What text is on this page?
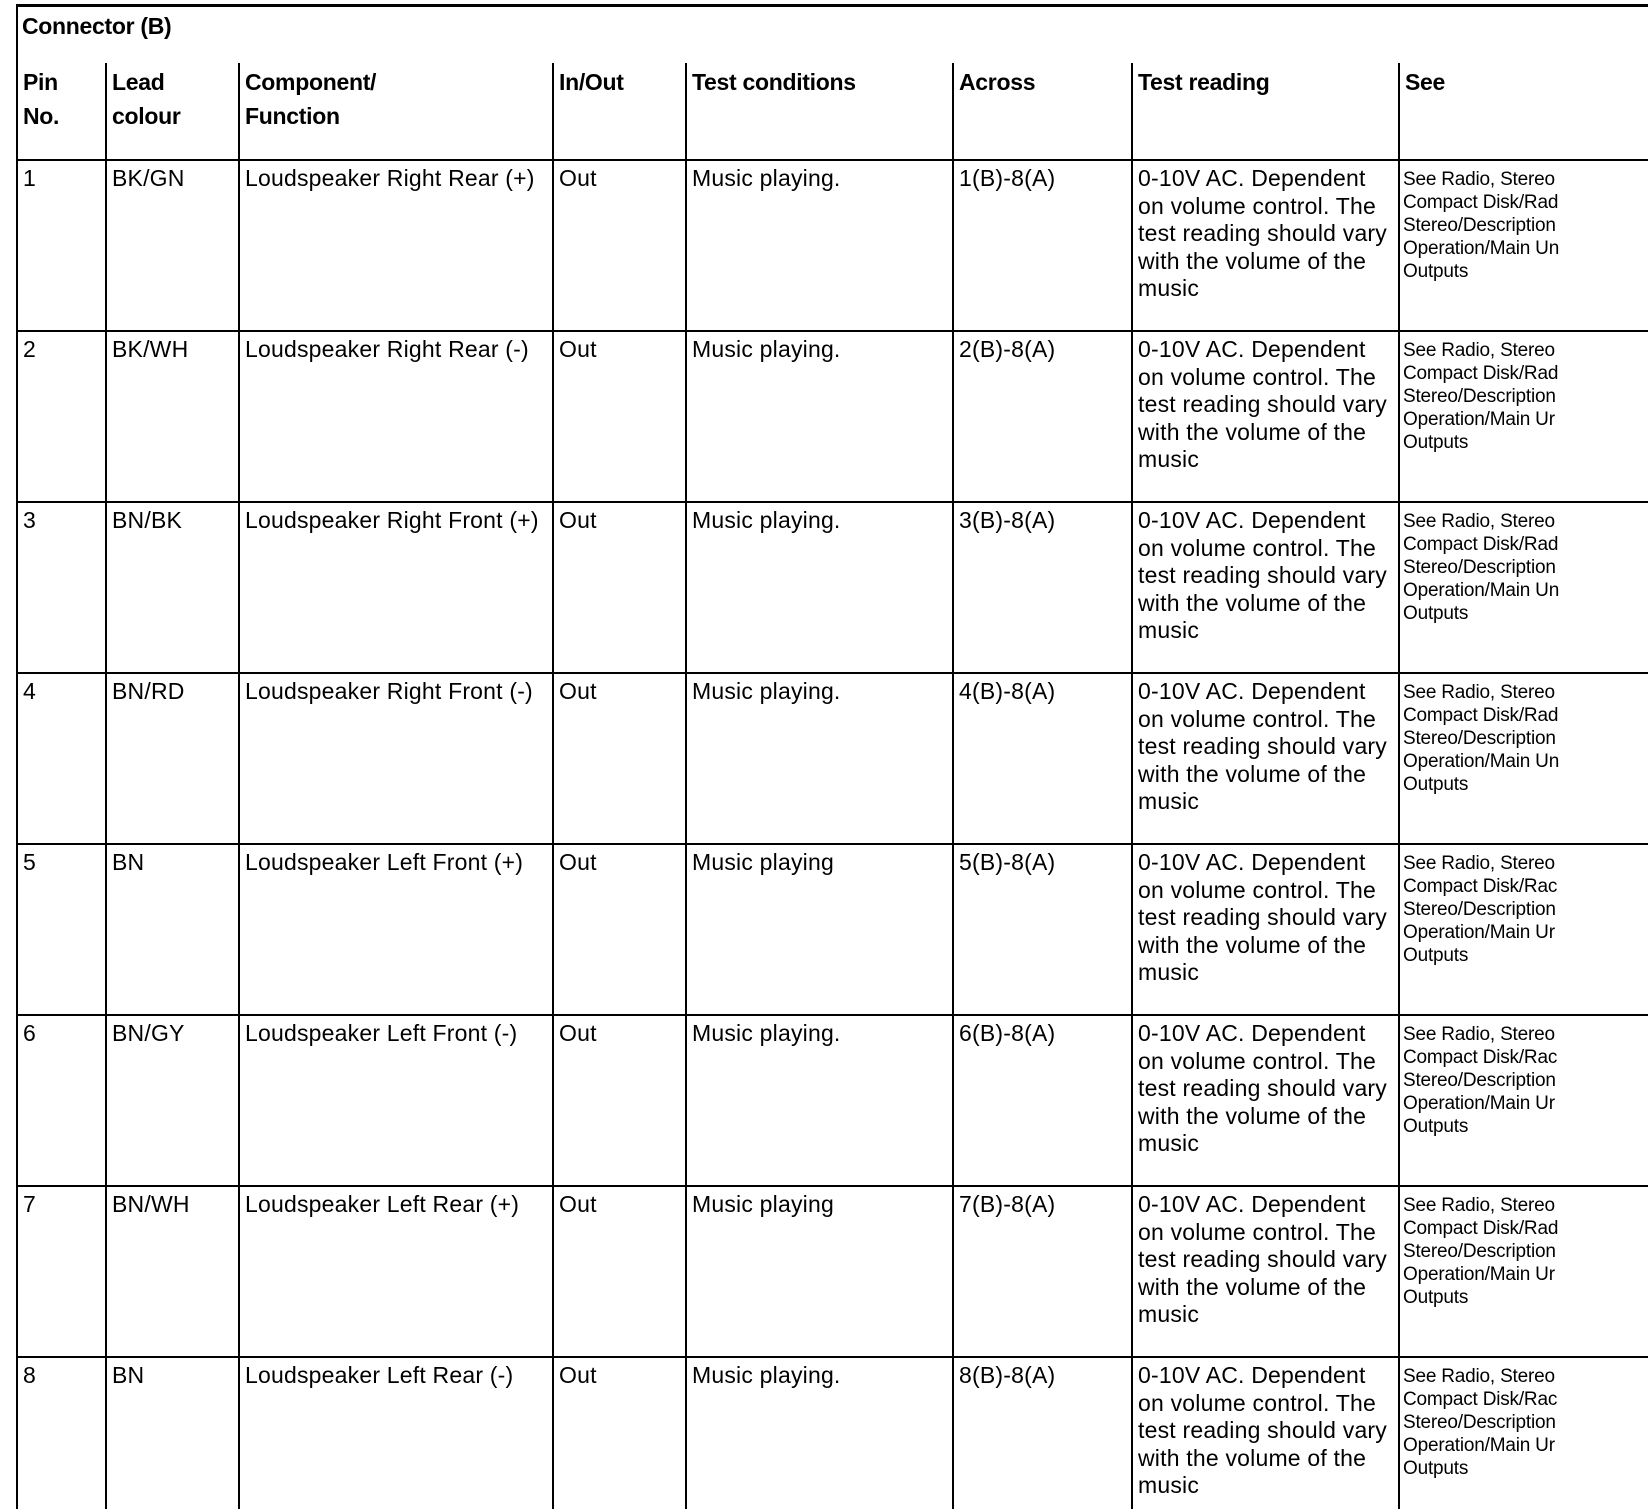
Connector (B)
Pin No.	Lead colour	Component/
Function	In/Out	Test conditions	Across	Test reading	See
1	BK/GN	Loudspeaker Right Rear (+)	Out	Music playing.	1(B)-8(A)	0-10V AC. Dependent on volume control. The test reading should vary with the volume of the music	See Radio, Stereo
Compact Disk/Rad
Stereo/Description
Operation/Main Un
Outputs

2	BK/WH	Loudspeaker Right Rear (-)	Out	Music playing.	2(B)-8(A)	0-10V AC. Dependent on volume control. The test reading should vary with the volume of the music	See Radio, Stereo
Compact Disk/Rad
Stereo/Description
Operation/Main Ur
Outputs

3	BN/BK	Loudspeaker Right Front (+)	Out	Music playing.	3(B)-8(A)	0-10V AC. Dependent on volume control. The test reading should vary with the volume of the music	See Radio, Stereo
Compact Disk/Rad
Stereo/Description
Operation/Main Un
Outputs

4	BN/RD	Loudspeaker Right Front (-)	Out	Music playing.	4(B)-8(A)	0-10V AC. Dependent on volume control. The test reading should vary with the volume of the music	See Radio, Stereo
Compact Disk/Rad
Stereo/Description
Operation/Main Un
Outputs

5	BN	Loudspeaker Left Front (+)	Out	Music playing	5(B)-8(A)	0-10V AC. Dependent on volume control. The test reading should vary with the volume of the music	See Radio, Stereo
Compact Disk/Rac
Stereo/Description
Operation/Main Ur
Outputs

6	BN/GY	Loudspeaker Left Front (-)	Out	Music playing.	6(B)-8(A)	0-10V AC. Dependent on volume control. The test reading should vary with the volume of the music	See Radio, Stereo
Compact Disk/Rac
Stereo/Description
Operation/Main Ur
Outputs

7	BN/WH	Loudspeaker Left Rear (+)	Out	Music playing	7(B)-8(A)	0-10V AC. Dependent on volume control. The test reading should vary with the volume of the music	See Radio, Stereo
Compact Disk/Rad
Stereo/Description
Operation/Main Ur
Outputs

8	BN	Loudspeaker Left Rear (-)	Out	Music playing.	8(B)-8(A)	0-10V AC. Dependent on volume control. The test reading should vary with the volume of the music	See Radio, Stereo
Compact Disk/Rac
Stereo/Description
Operation/Main Ur
Outputs
